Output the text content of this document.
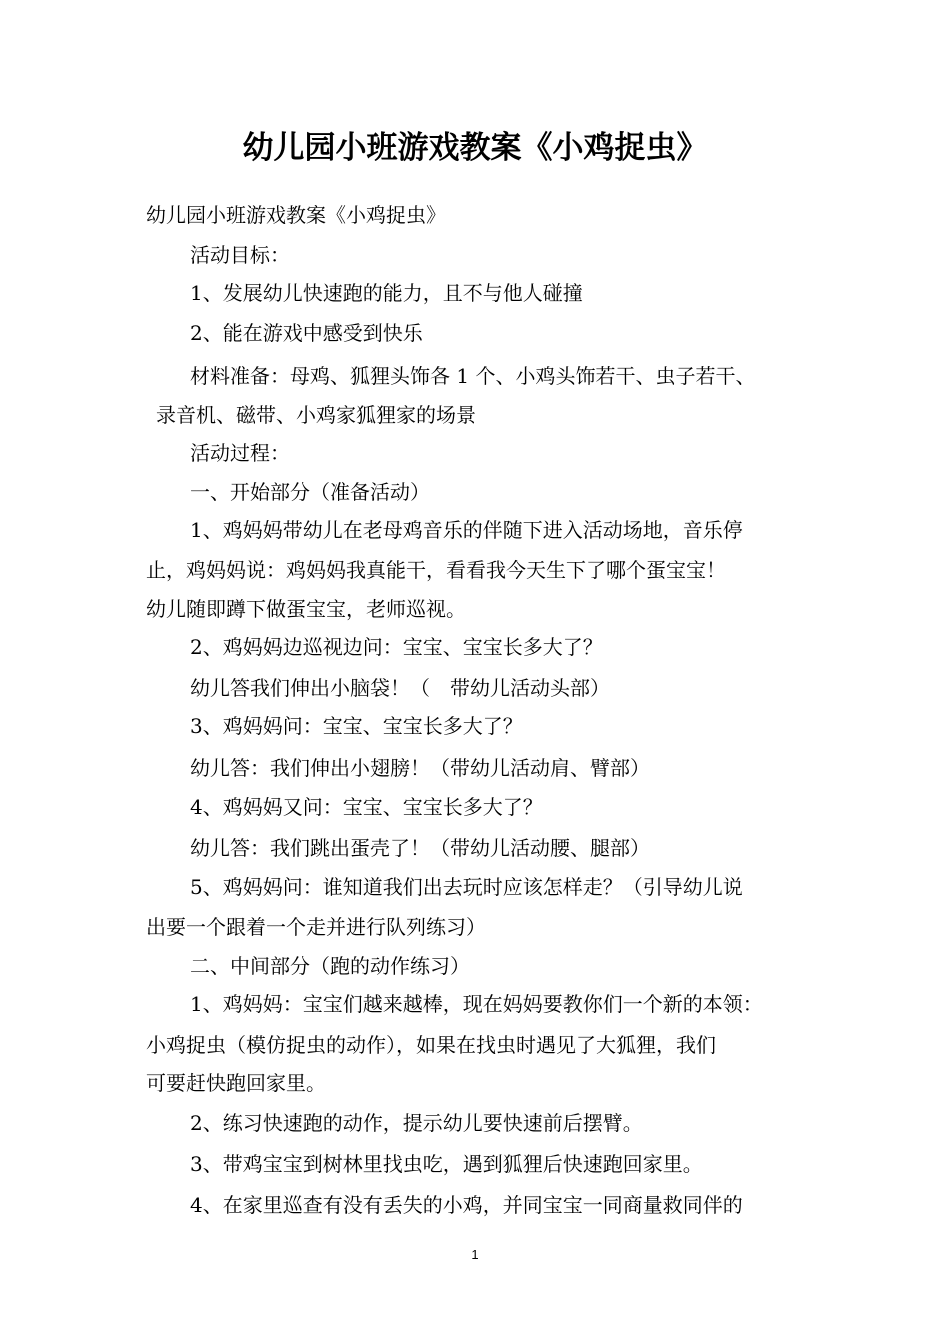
幼儿园小班游戏教案《小鸡捉虫》
幼儿园小班游戏教案《小鸡捉虫》
活动目标：
1、发展幼儿快速跑的能力，且不与他人碰撞
2、能在游戏中感受到快乐
材料准备：母鸡、狐狸头饰各 1 个、小鸡头饰若干、虫子若干、
录音机、磁带、小鸡家狐狸家的场景
活动过程：
一、开始部分（准备活动）
1、鸡妈妈带幼儿在老母鸡音乐的伴随下进入活动场地，音乐停
止，鸡妈妈说：鸡妈妈我真能干，看看我今天生下了哪个蛋宝宝！
幼儿随即蹲下做蛋宝宝，老师巡视。
2、鸡妈妈边巡视边问：宝宝、宝宝长多大了？
幼儿答我们伸出小脑袋！（　带幼儿活动头部）
3、鸡妈妈问：宝宝、宝宝长多大了？
幼儿答：我们伸出小翅膀！（带幼儿活动肩、臂部）
4、鸡妈妈又问：宝宝、宝宝长多大了？
幼儿答：我们跳出蛋壳了！（带幼儿活动腰、腿部）
5、鸡妈妈问：谁知道我们出去玩时应该怎样走？（引导幼儿说
出要一个跟着一个走并进行队列练习）
二、中间部分（跑的动作练习）
1、鸡妈妈：宝宝们越来越棒，现在妈妈要教你们一个新的本领：
小鸡捉虫（模仿捉虫的动作），如果在找虫时遇见了大狐狸，我们
可要赶快跑回家里。
2、练习快速跑的动作，提示幼儿要快速前后摆臂。
3、带鸡宝宝到树林里找虫吃，遇到狐狸后快速跑回家里。
4、在家里巡查有没有丢失的小鸡，并同宝宝一同商量救同伴的
1
